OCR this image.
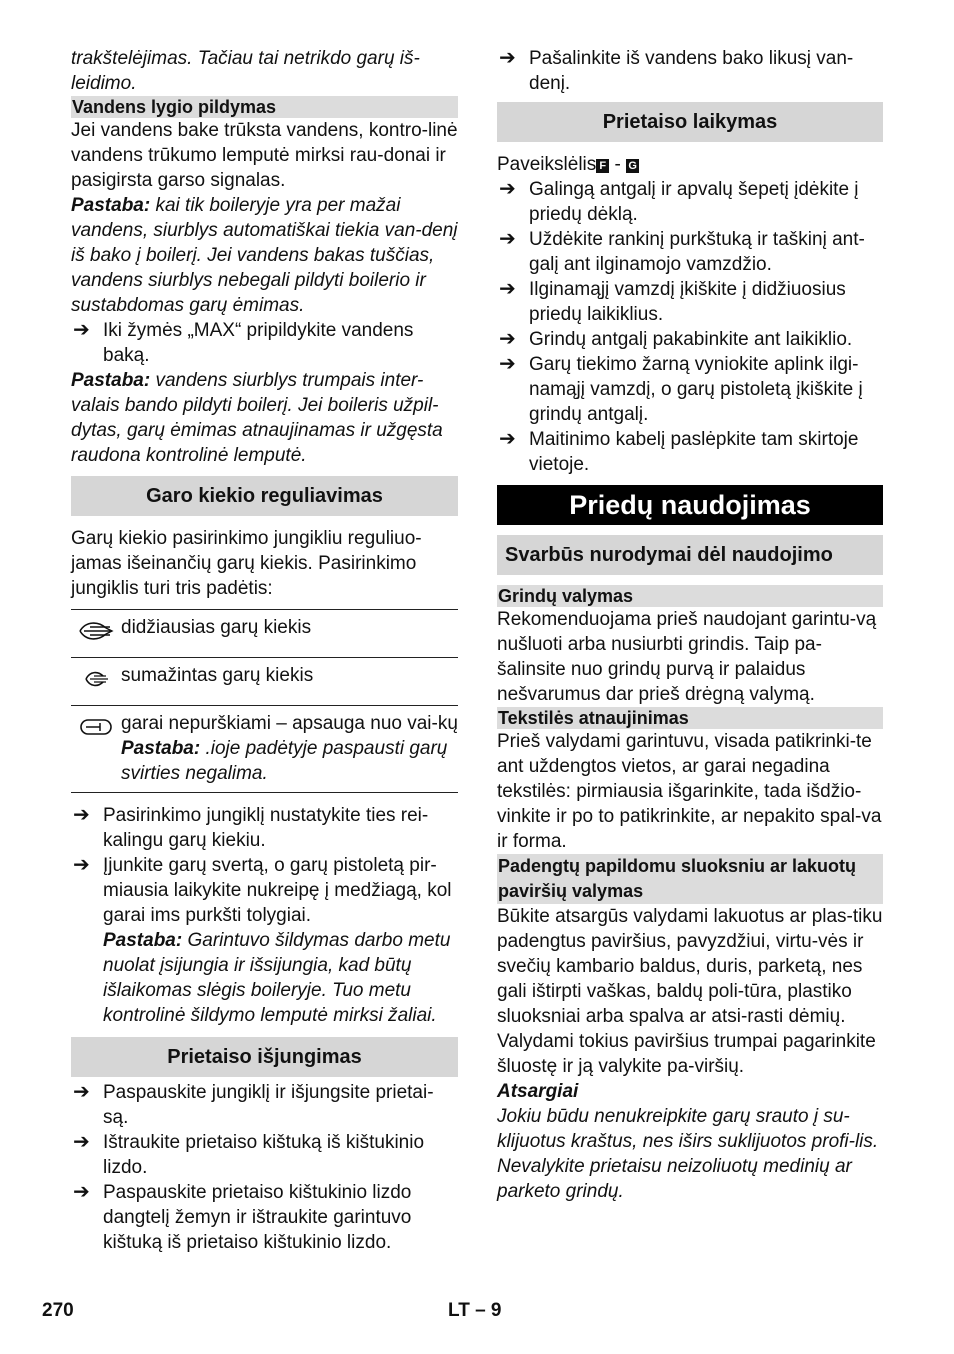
trakštelėjimas. Tačiau tai netrikdo garų iš-leidimo.

Vandens lygio pildymas

Jei vandens bake trūksta vandens, kontro-linė vandens trūkumo lemputė mirksi rau-donai ir pasigirsta garso signalas.

Pastaba: kai tik boileryje yra per mažai vandens, siurblys automatiškai tiekia van-denį iš bako į boilerį. Jei vandens bakas tuščias, vandens siurblys nebegali pildyti boilerio ir sustabdomas garų ėmimas.

➔ Iki žymės „MAX“ pripildykite vandens baką.

Pastaba: vandens siurblys trumpais inter-valais bando pildyti boilerį. Jei boileris užpil-dytas, garų ėmimas atnaujinamas ir užgęsta raudona kontrolinė lemputė.

Garo kiekio reguliavimas

Garų kiekio pasirinkimo jungikliu reguliuo-jamas išeinančių garų kiekis. Pasirinkimo jungiklis turi tris padėtis:

	didžiausias garų kiekis
	sumažintas garų kiekis

garai nepurškiami – apsauga nuo vai-kų
Pastaba: .ioje padėtyje paspausti garų svirties negalima.
➔ Pasirinkimo jungiklį nustatykite ties rei-kalingu garų kiekiu.
➔ Įjunkite garų svertą, o garų pistoletą pir-miausia laikykite nukreipę į medžiagą, kol garai ims purkšti tolygiai.
Pastaba: Garintuvo šildymas darbo metu nuolat įsijungia ir išsijungia, kad būtų išlaikomas slėgis boileryje. Tuo metu kontrolinė šildymo lemputė mirksi žaliai.
Prietaiso išjungimas
➔ Paspauskite jungiklį ir išjungsite prietai-są.
➔ Ištraukite prietaiso kištuką iš kištukinio lizdo.
➔ Paspauskite prietaiso kištukinio lizdo dangtelį žemyn ir ištraukite garintuvo kištuką iš prietaiso kištukinio lizdo.
➔ Pašalinkite iš vandens bako likusį van-denį.
Prietaiso laikymas

Paveikslėlis F - G

➔ Galingą antgalį ir apvalų šepetį įdėkite į priedų dėklą.
➔ Uždėkite rankinį purkštuką ir taškinį ant-galį ant ilginamojo vamzdžio.
➔ Ilginamąjį vamzdį įkiškite į didžiuosius priedų laikiklius.
➔ Grindų antgalį pakabinkite ant laikiklio.
➔ Garų tiekimo žarną vyniokite aplink ilgi-namąjį vamzdį, o garų pistoletą įkiškite į grindų antgalį.
➔ Maitinimo kabelį paslėpkite tam skirtoje vietoje.
Priedų naudojimas
Svarbūs nurodymai dėl naudojimo
Grindų valymas

Rekomenduojama prieš naudojant garintu-vą nušluoti arba nusiurbti grindis. Taip pa-šalinsite nuo grindų purvą ir palaidus nešvarumus dar prieš drėgną valymą.

Tekstilės atnaujinimas

Prieš valydami garintuvu, visada patikrinki-te ant uždengtos vietos, ar garai negadina tekstilės: pirmiausia išgarinkite, tada išdžio-vinkite ir po to patikrinkite, ar nepakito spal-va ir forma.

Padengtų papildomu sluoksniu ar lakuotų paviršių valymas

Būkite atsargūs valydami lakuotus ar plas-tiku padengtus paviršius, pavyzdžiui, virtu-vės ir svečių kambario baldus, duris, parketą, nes gali ištirpti vaškas, baldų poli-tūra, plastiko sluoksniai arba spalva ar atsi-rasti dėmių. Valydami tokius paviršius trumpai pagarinkite šluostę ir ją valykite pa-viršių.

Atsargiai

Jokiu būdu nenukreipkite garų srauto į su-klijuotus kraštus, nes iširs suklijuotos profi-lis. Nevalykite prietaisu neizoliuotų medinių ar parketo grindų.

270	LT – 9
